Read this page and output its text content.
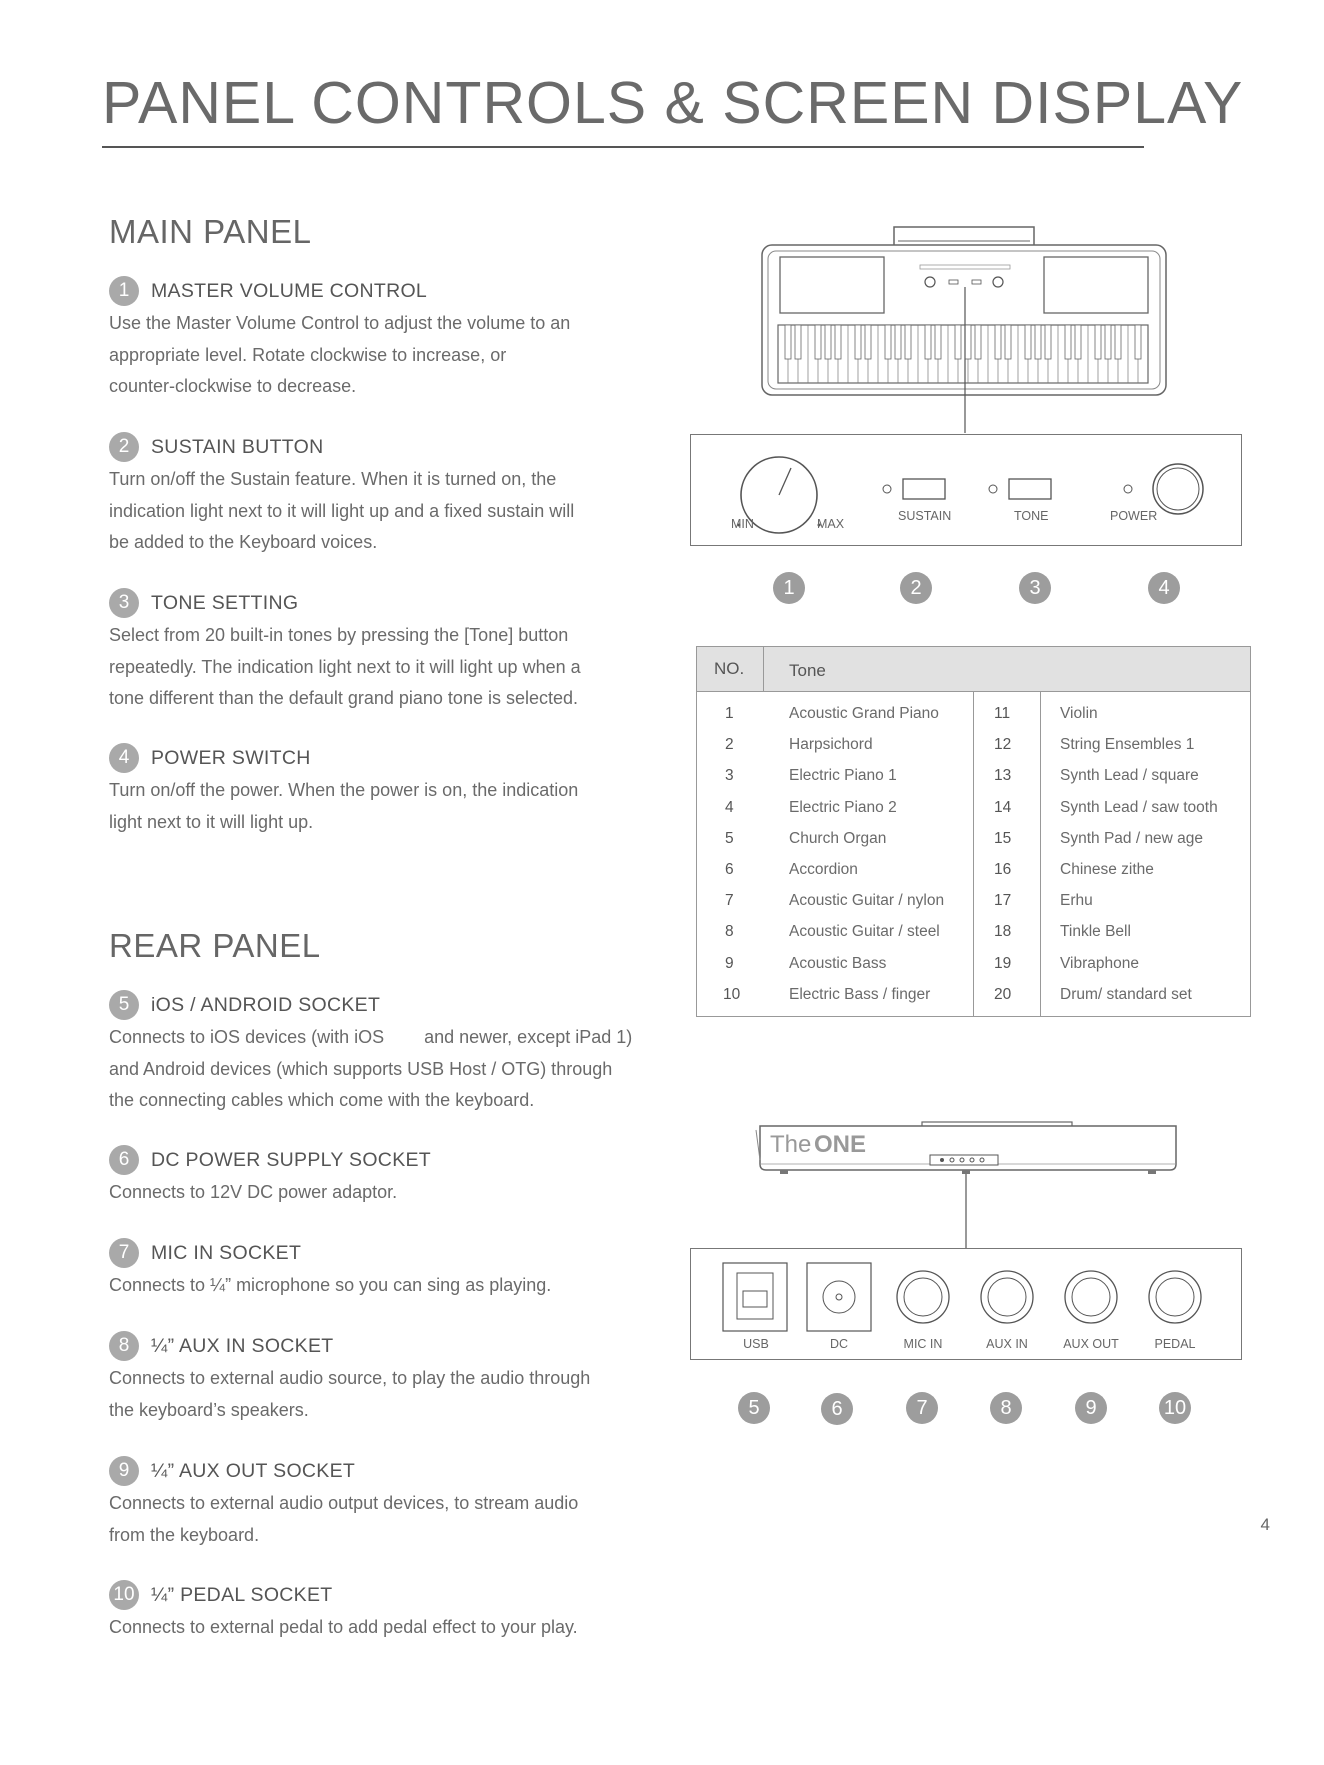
PANEL CONTROLS & SCREEN DISPLAY
MAIN PANEL
1	MASTER VOLUME CONTROL
Use the Master Volume Control to adjust the volume to an
appropriate level. Rotate clockwise to increase, or
counter-clockwise to decrease.
2	SUSTAIN BUTTON
Turn on/off the Sustain feature. When it is turned on, the
indication light next to it will light up and a fixed sustain will
be added to the Keyboard voices.
3	TONE SETTING
Select from 20 built-in tones by pressing the [Tone] button
repeatedly. The indication light next to it will light up when a
tone different than the default grand piano tone is selected.
4	POWER SWITCH
Turn on/off the power. When the power is on, the indication
light next to it will light up.
REAR PANEL
5	iOS / ANDROID SOCKET
Connects to iOS devices (with iOS        and newer, except iPad 1)
and Android devices (which supports USB Host / OTG) through
the connecting cables which come with the keyboard.
6	DC POWER SUPPLY SOCKET
Connects to 12V DC power adaptor.
7	MIC IN SOCKET
Connects to ¼” microphone so you can sing as playing.
8	¼” AUX IN SOCKET
Connects to external audio source, to play the audio through
the keyboard’s speakers.
9	¼” AUX OUT SOCKET
Connects to external audio output devices, to stream audio
from the keyboard.
10 ¼” PEDAL SOCKET
Connects to external pedal to add pedal effect to your play.
MIN	MAX
SUSTAIN	TONE	POWER
1	2	3	4
NO.	Tone
1	Acoustic Grand Piano
2	Harpsichord
3	Electric Piano 1
4	Electric Piano 2
5	Church Organ
6	Accordion
7	Acoustic Guitar / nylon
8	Acoustic Guitar / steel
9	Acoustic Bass
10	Electric Bass / finger
11	Violin
12	String Ensembles 1
13	Synth Lead / square
14	Synth Lead / saw tooth
15	Synth Pad / new age
16	Chinese zithe
17	Erhu
18	Tinkle Bell
19	Vibraphone
20	Drum/ standard set
The ONE
USB	DC	MIC IN	AUX IN	AUX OUT	PEDAL
5	6	7	8	9	10
4
